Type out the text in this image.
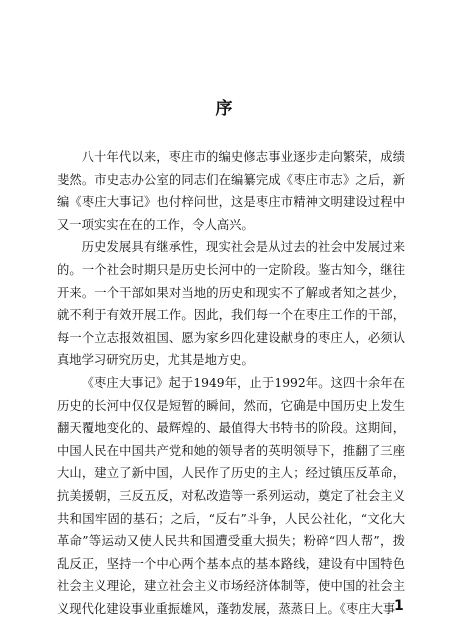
序

八十年代以来，枣庄市的编史修志事业逐步走向繁荣，成绩斐然。市史志办公室的同志们在编纂完成《枣庄市志》之后，新编《枣庄大事记》也付梓问世，这是枣庄市精神文明建设过程中又一项实实在在的工作，令人高兴。

历史发展具有继承性，现实社会是从过去的社会中发展过来的。一个社会时期只是历史长河中的一定阶段。鉴古知今，继往开来。一个干部如果对当地的历史和现实不了解或者知之甚少，就不利于有效开展工作。因此，我们每一个在枣庄工作的干部，每一个立志报效祖国、愿为家乡四化建设献身的枣庄人，必须认真地学习研究历史，尤其是地方史。

《枣庄大事记》起于1949年，止于1992年。这四十余年在历史的长河中仅仅是短暂的瞬间，然而，它确是中国历史上发生翻天覆地变化的、最辉煌的、最值得大书特书的阶段。这期间，中国人民在中国共产党和她的领导者的英明领导下，推翻了三座大山，建立了新中国，人民作了历史的主人；经过镇压反革命，抗美援朝，三反五反，对私改造等一系列运动，奠定了社会主义共和国牢固的基石；之后，“反右”斗争，人民公社化，“文化大革命”等运动又使人民共和国遭受重大损失；粉碎“四人帮”，拨乱反正，坚持一个中心两个基本点的基本路线，建设有中国特色社会主义理论，建立社会主义市场经济体制等，使中国的社会主义现代化建设事业重振雄风，蓬勃发展，蒸蒸日上。《枣庄大事

1
